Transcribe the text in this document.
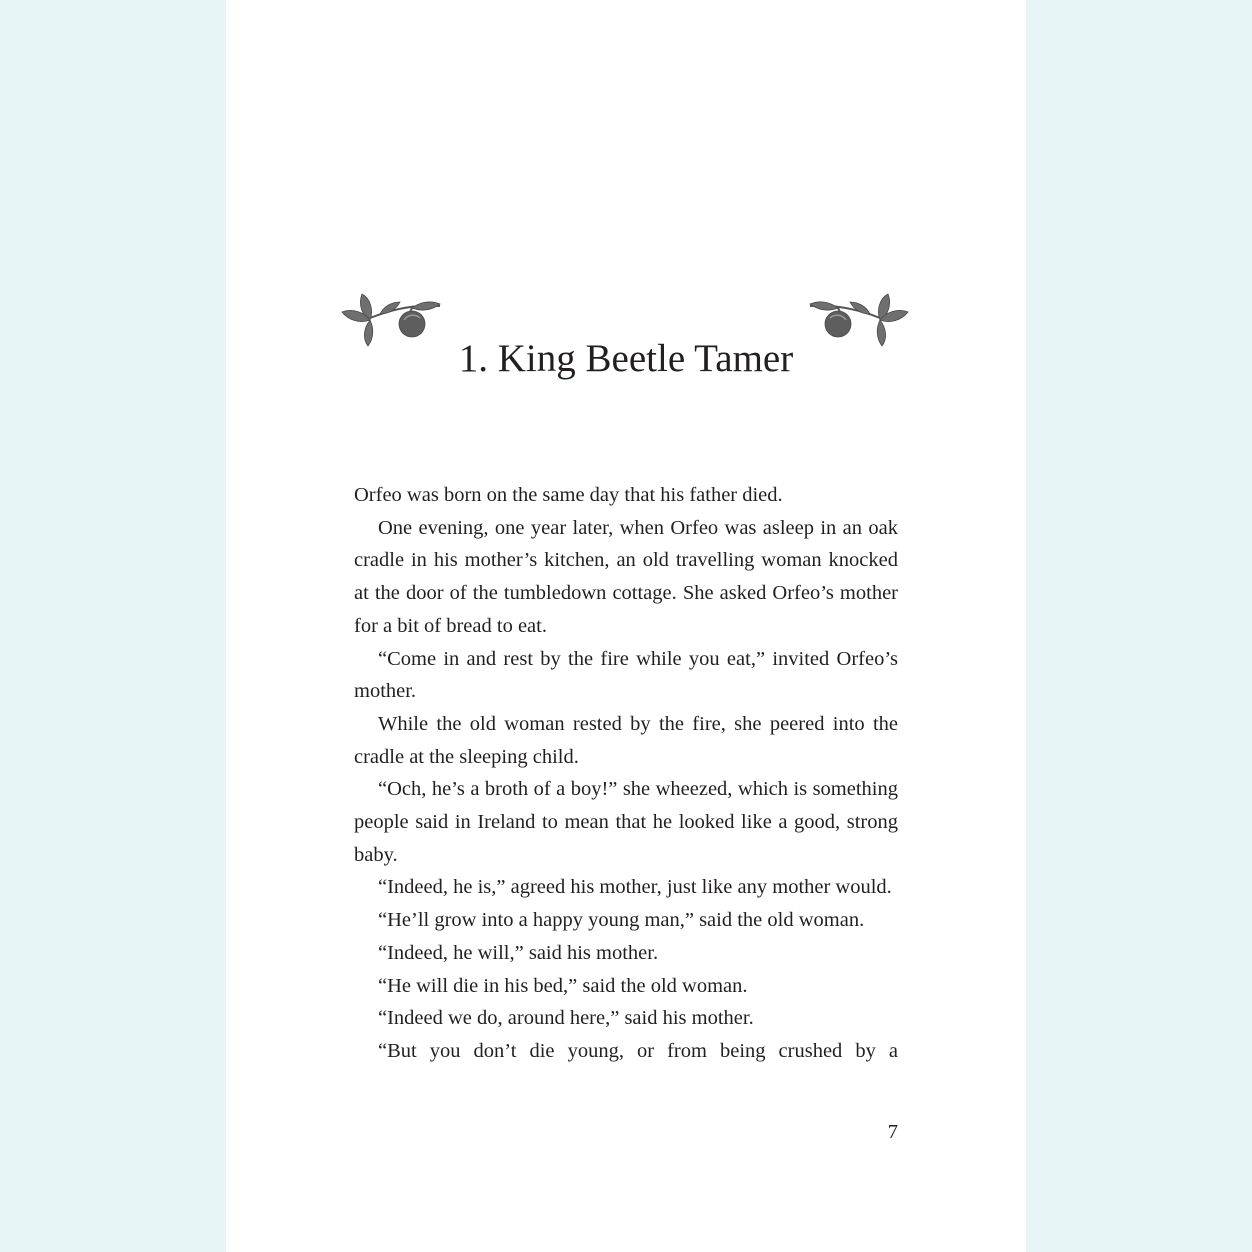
1. King Beetle Tamer

Orfeo was born on the same day that his father died.

One evening, one year later, when Orfeo was asleep in an oak cradle in his mother’s kitchen, an old travelling woman knocked at the door of the tumbledown cottage. She asked Orfeo’s mother for a bit of bread to eat.

“Come in and rest by the fire while you eat,” invited Orfeo’s mother.

While the old woman rested by the fire, she peered into the cradle at the sleeping child.

“Och, he’s a broth of a boy!” she wheezed, which is something people said in Ireland to mean that he looked like a good, strong baby.

“Indeed, he is,” agreed his mother, just like any mother would.

“He’ll grow into a happy young man,” said the old woman.

“Indeed, he will,” said his mother.

“He will die in his bed,” said the old woman.

“Indeed we do, around here,” said his mother.

“But you don’t die young, or from being crushed by a

7
